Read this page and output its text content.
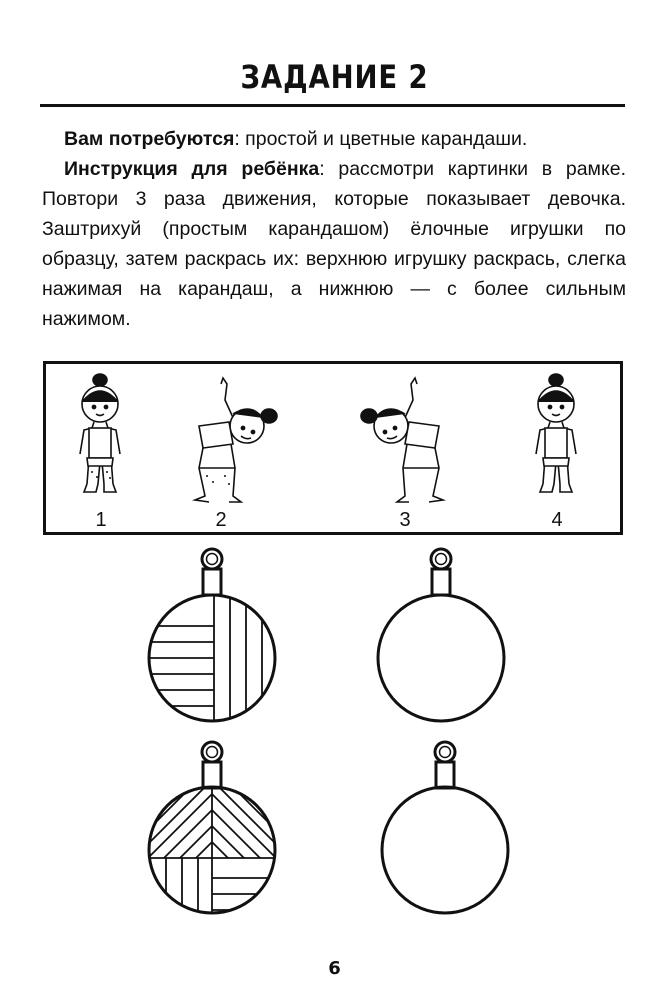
ЗАДАНИЕ 2

Вам потребуются: простой и цветные карандаши.

Инструкция для ребёнка: рассмотри картинки в рамке. Повтори 3 раза движения, которые показывает девочка. Заштрихуй (простым карандашом) ёлочные игрушки по образцу, затем раскрась их: верхнюю игрушку раскрась, слегка нажимая на карандаш, а нижнюю — с более сильным нажимом.

1	2	3	4
6
